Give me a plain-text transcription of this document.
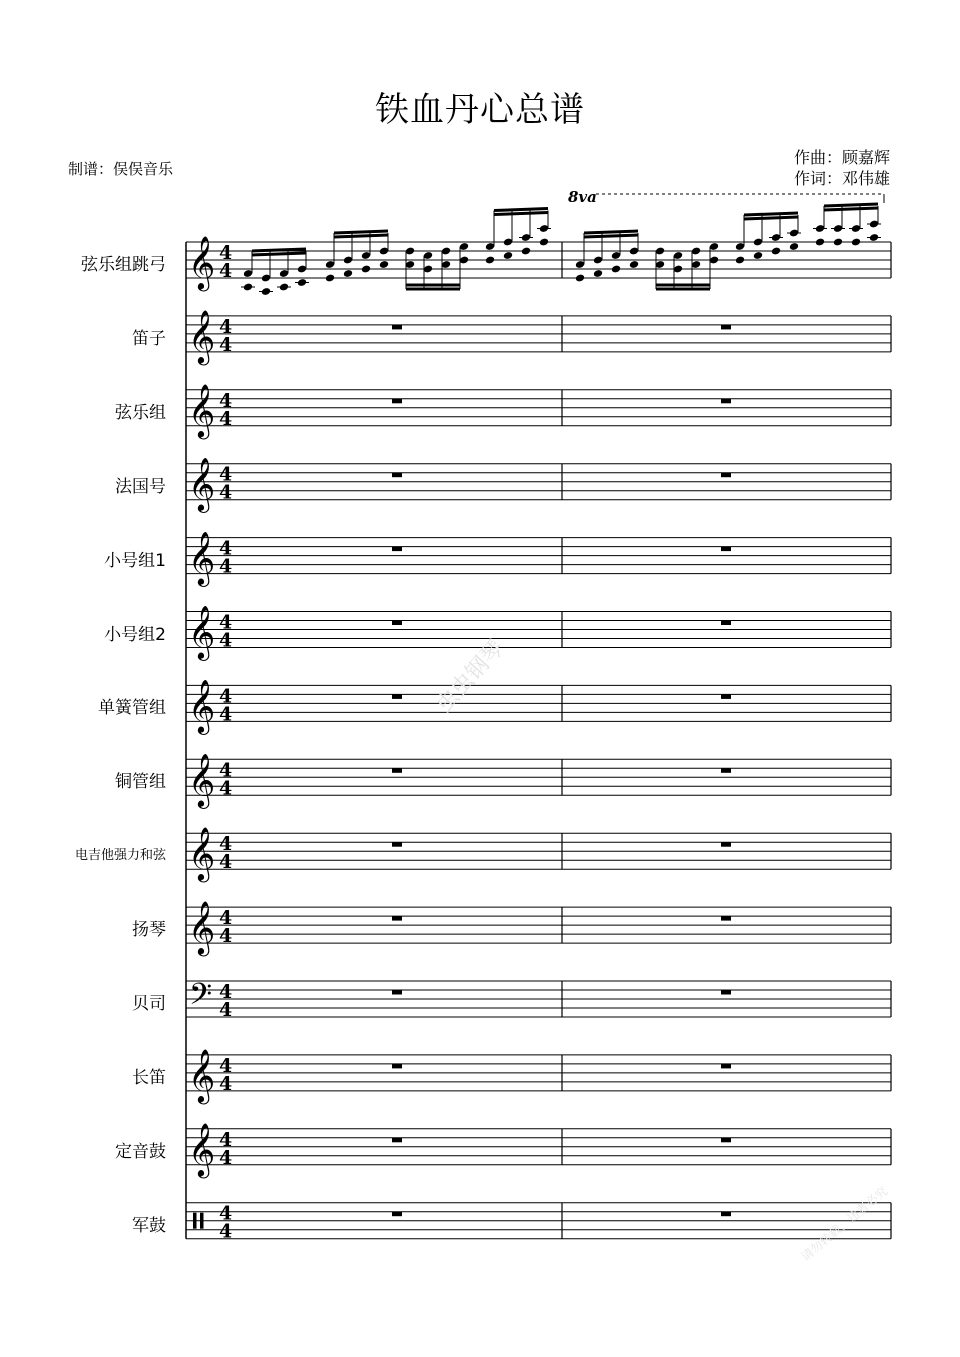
铁血丹心总谱
制谱：俣俣音乐
作曲：顾嘉辉
作词：邓伟雄
弦乐组跳弓
笛子
弦乐组
法国号
小号组1
小号组2
单簧管组
铜管组
电吉他强力和弦
扬琴
贝司
长笛
定音鼓
军鼓
𝄞 4
4
𝄞 4
4
𝄞 4
4
𝄞 4
4
𝄞 4
4
𝄞 4
4
𝄞 4
4
𝄞 4
4
𝄞 4
4
𝄞 4
4
𝄢 4
4
𝄞 4
4
𝄞 4
4
4
4
8va
虫虫钢琴
请勿转载，违者必究
